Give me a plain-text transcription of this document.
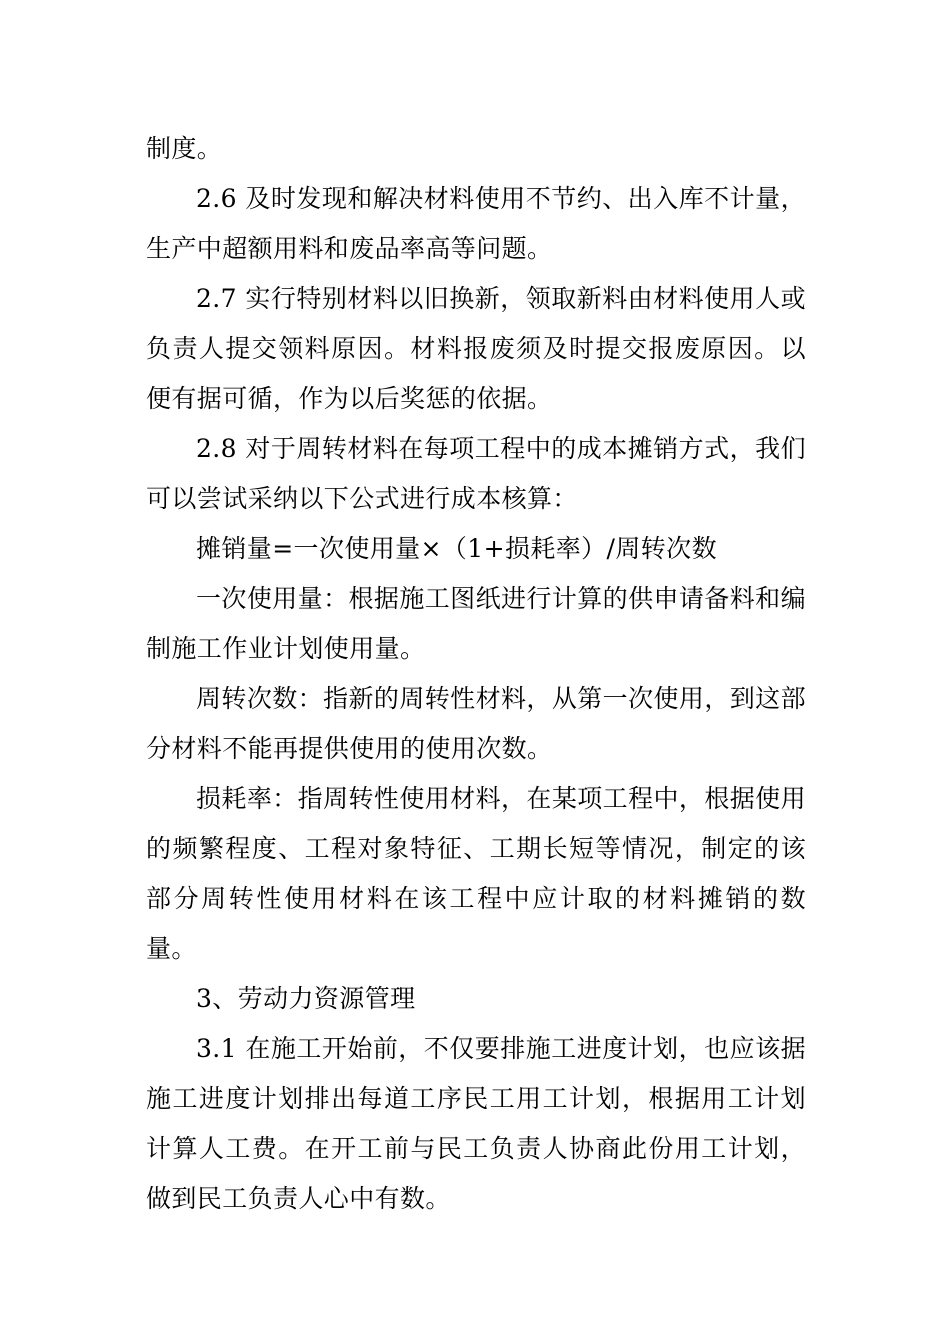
制度。

2.6 及时发现和解决材料使用不节约、出入库不计量，生产中超额用料和废品率高等问题。

2.7 实行特别材料以旧换新，领取新料由材料使用人或负责人提交领料原因。材料报废须及时提交报废原因。以便有据可循，作为以后奖惩的依据。

2.8 对于周转材料在每项工程中的成本摊销方式，我们可以尝试采纳以下公式进行成本核算：

摊销量=一次使用量×（1+损耗率）/周转次数

一次使用量：根据施工图纸进行计算的供申请备料和编制施工作业计划使用量。

周转次数：指新的周转性材料，从第一次使用，到这部分材料不能再提供使用的使用次数。

损耗率：指周转性使用材料，在某项工程中，根据使用的频繁程度、工程对象特征、工期长短等情况，制定的该部分周转性使用材料在该工程中应计取的材料摊销的数量。

3、劳动力资源管理

3.1 在施工开始前，不仅要排施工进度计划，也应该据施工进度计划排出每道工序民工用工计划，根据用工计划计算人工费。在开工前与民工负责人协商此份用工计划，做到民工负责人心中有数。
